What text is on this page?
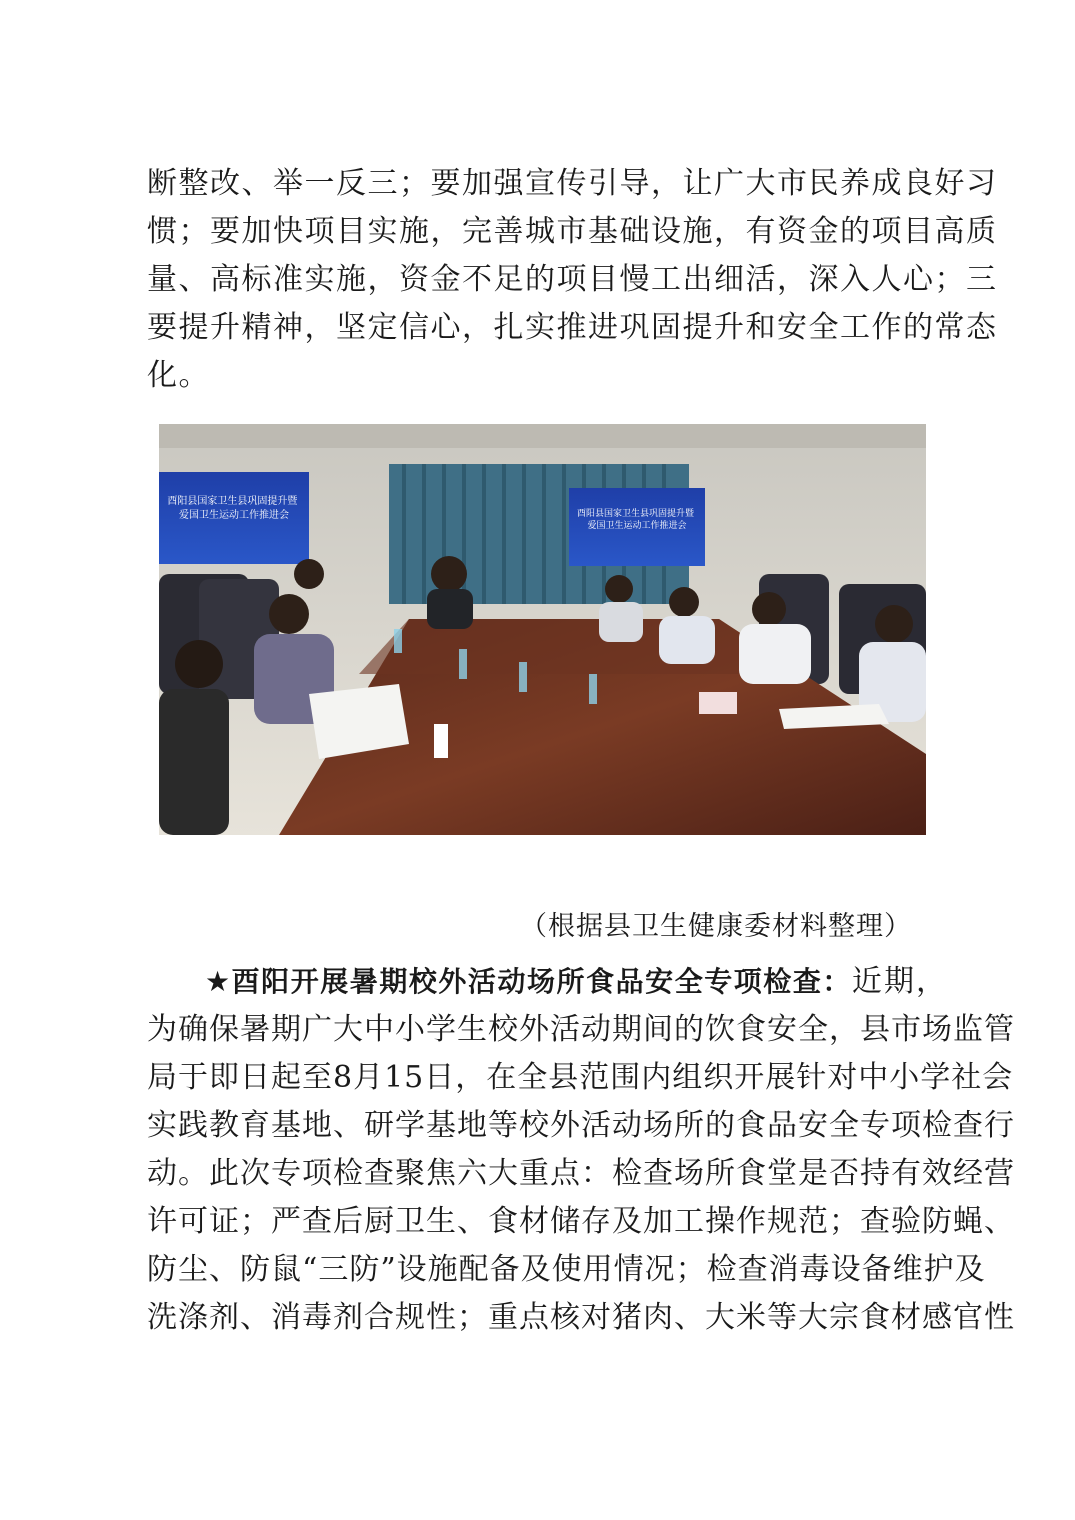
断整改、举一反三；要加强宣传引导，让广大市民养成良好习
惯；要加快项目实施，完善城市基础设施，有资金的项目高质
量、高标准实施，资金不足的项目慢工出细活，深入人心；三
要提升精神，坚定信心，扎实推进巩固提升和安全工作的常态
化。
酉阳县国家卫生县巩固提升暨 爱国卫生运动工作推进会	酉阳县国家卫生县巩固提升暨 爱国卫生运动工作推进会
（根据县卫生健康委材料整理）
★酉阳开展暑期校外活动场所食品安全专项检查：近期，
为确保暑期广大中小学生校外活动期间的饮食安全，县市场监管
局于即日起至8月15日，在全县范围内组织开展针对中小学社会
实践教育基地、研学基地等校外活动场所的食品安全专项检查行
动。此次专项检查聚焦六大重点：检查场所食堂是否持有效经营
许可证；严查后厨卫生、食材储存及加工操作规范；查验防蝇、
防尘、防鼠“三防”设施配备及使用情况；检查消毒设备维护及
洗涤剂、消毒剂合规性；重点核对猪肉、大米等大宗食材感官性
